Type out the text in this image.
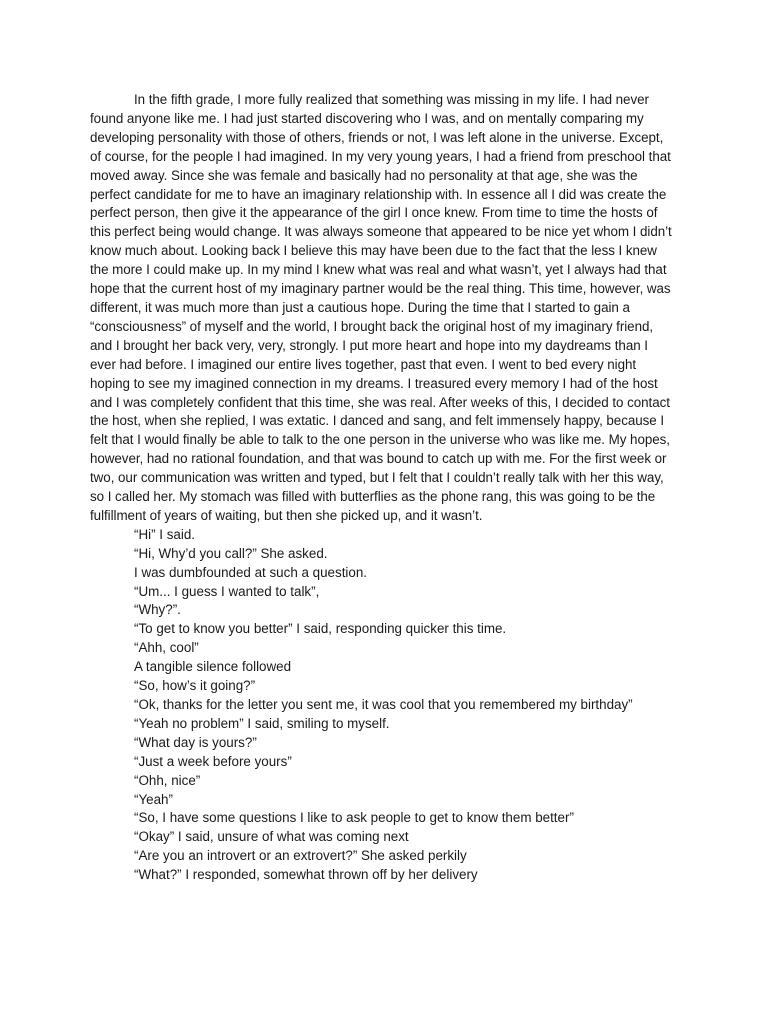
In the fifth grade, I more fully realized that something was missing in my life. I had never found anyone like me. I had just started discovering who I was, and on mentally comparing my developing personality with those of others, friends or not, I was left alone in the universe. Except, of course, for the people I had imagined. In my very young years, I had a friend from preschool that moved away. Since she was female and basically had no personality at that age, she was the perfect candidate for me to have an imaginary relationship with. In essence all I did was create the perfect person, then give it the appearance of the girl I once knew. From time to time the hosts of this perfect being would change. It was always someone that appeared to be nice yet whom I didn’t know much about. Looking back I believe this may have been due to the fact that the less I knew the more I could make up. In my mind I knew what was real and what wasn’t, yet I always had that hope that the current host of my imaginary partner would be the real thing. This time, however, was different, it was much more than just a cautious hope. During the time that I started to gain a “consciousness” of myself and the world, I brought back the original host of my imaginary friend, and I brought her back very, very, strongly. I put more heart and hope into my daydreams than I ever had before. I imagined our entire lives together, past that even. I went to bed every night hoping to see my imagined connection in my dreams. I treasured every memory I had of the host and I was completely confident that this time, she was real. After weeks of this, I decided to contact the host, when she replied, I was extatic. I danced and sang, and felt immensely happy, because I felt that I would finally be able to talk to the one person in the universe who was like me. My hopes, however, had no rational foundation, and that was bound to catch up with me. For the first week or two, our communication was written and typed, but I felt that I couldn’t really talk with her this way, so I called her. My stomach was filled with butterflies as the phone rang, this was going to be the fulfillment of years of waiting, but then she picked up, and it wasn’t.

“Hi” I said.

“Hi, Why’d you call?” She asked.

I was dumbfounded at such a question.

“Um... I guess I wanted to talk”,

“Why?”.

“To get to know you better” I said, responding quicker this time.

“Ahh, cool”

A tangible silence followed

“So, how’s it going?”

“Ok, thanks for the letter you sent me, it was cool that you remembered my birthday”

“Yeah no problem” I said, smiling to myself.

“What day is yours?”

“Just a week before yours”

“Ohh, nice”

“Yeah”

“So, I have some questions I like to ask people to get to know them better”

“Okay” I said, unsure of what was coming next

“Are you an introvert or an extrovert?” She asked perkily

“What?” I responded, somewhat thrown off by her delivery
